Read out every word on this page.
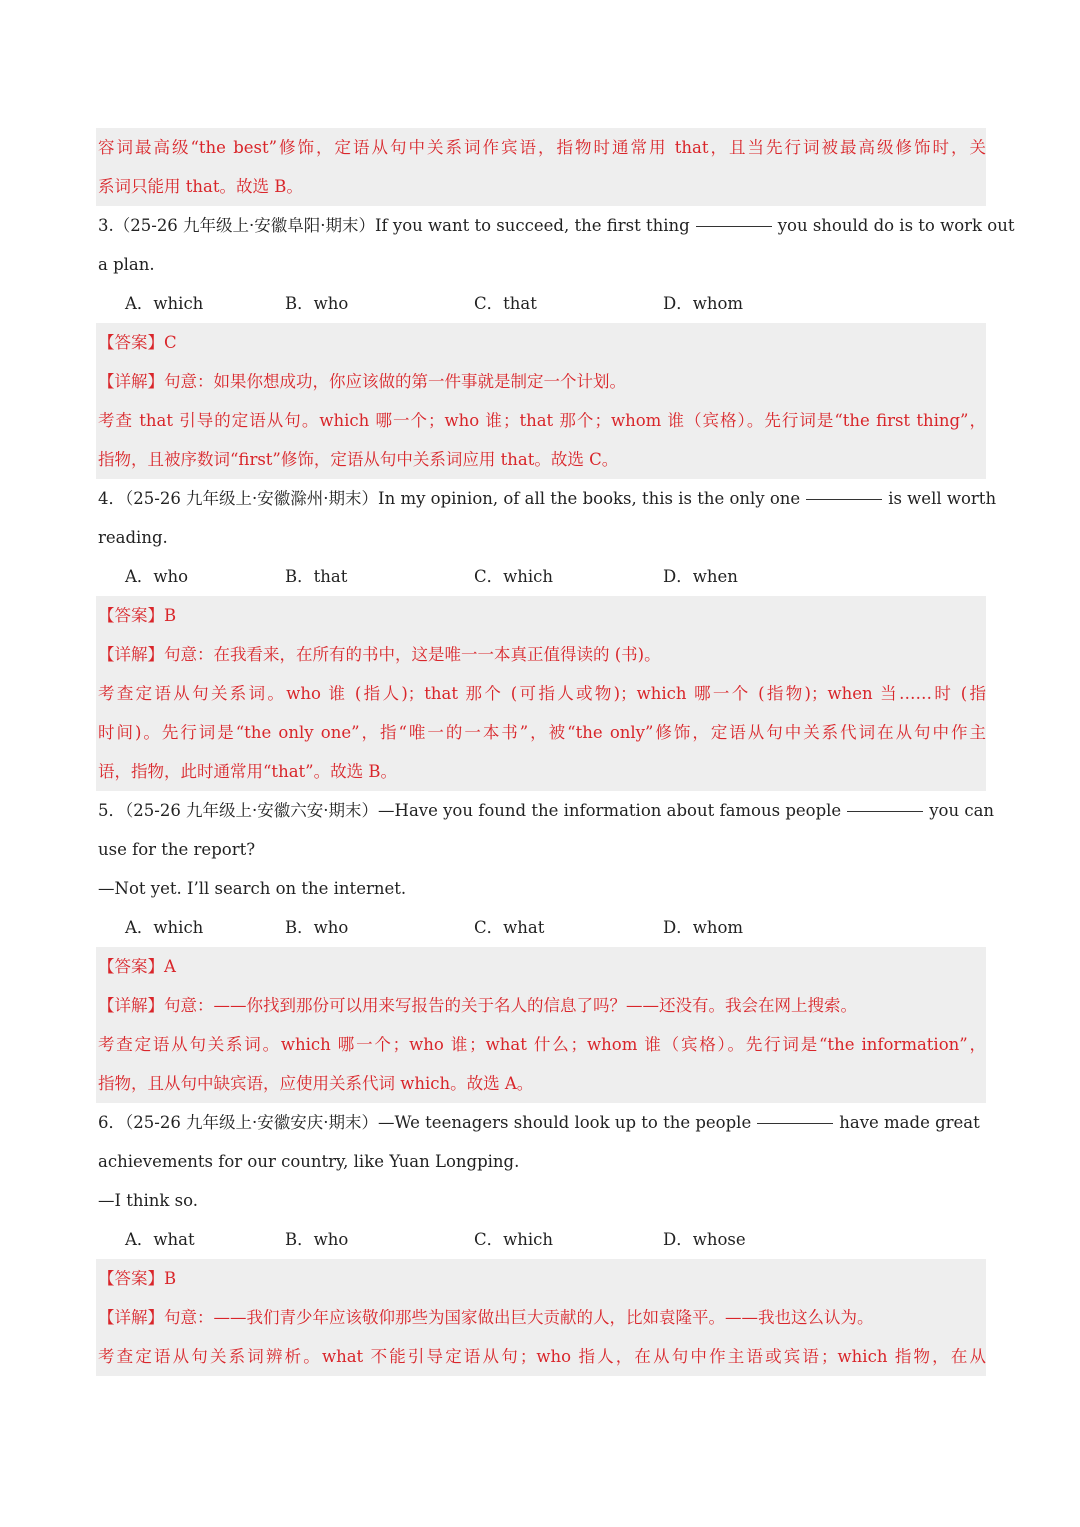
容词最高级“the best”修饰，定语从句中关系词作宾语，指物时通常用 that，且当先行词被最高级修饰时，关
系词只能用 that。故选 B。
3.（25-26 九年级上·安徽阜阳·期末）If you want to succeed, the first thing	you should do is to work out
a plan.
A．which	B．who	C．that	D．whom
【答案】C
【详解】句意：如果你想成功，你应该做的第一件事就是制定一个计划。
考查 that 引导的定语从句。which 哪一个；who 谁；that 那个；whom 谁（宾格）。先行词是“the first thing”，
指物，且被序数词“first”修饰，定语从句中关系词应用 that。故选 C。
4．（25-26 九年级上·安徽滁州·期末）In my opinion, of all the books, this is the only one	is well worth
reading.
A．who	B．that	C．which	D．when
【答案】B
【详解】句意：在我看来，在所有的书中，这是唯一一本真正值得读的 (书)。
考查定语从句关系词。who 谁 (指人)；that 那个 (可指人或物)；which 哪一个 (指物)；when 当……时 (指
时间)。先行词是“the only one”，指“唯一的一本书”，被“the only”修饰，定语从句中关系代词在从句中作主
语，指物，此时通常用“that”。故选 B。
5．（25-26 九年级上·安徽六安·期末）—Have you found the information about famous people	you can
use for the report?
—Not yet. I’ll search on the internet.
A．which	B．who	C．what	D．whom
【答案】A
【详解】句意：——你找到那份可以用来写报告的关于名人的信息了吗？——还没有。我会在网上搜索。
考查定语从句关系词。which 哪一个；who 谁；what 什么；whom 谁（宾格）。先行词是“the information”，
指物，且从句中缺宾语，应使用关系代词 which。故选 A。
6．（25-26 九年级上·安徽安庆·期末）—We teenagers should look up to the people	have made great
achievements for our country, like Yuan Longping.
—I think so.
A．what	B．who	C．which	D．whose
【答案】B
【详解】句意：——我们青少年应该敬仰那些为国家做出巨大贡献的人，比如袁隆平。——我也这么认为。
考查定语从句关系词辨析。what 不能引导定语从句；who 指人，在从句中作主语或宾语；which 指物，在从
